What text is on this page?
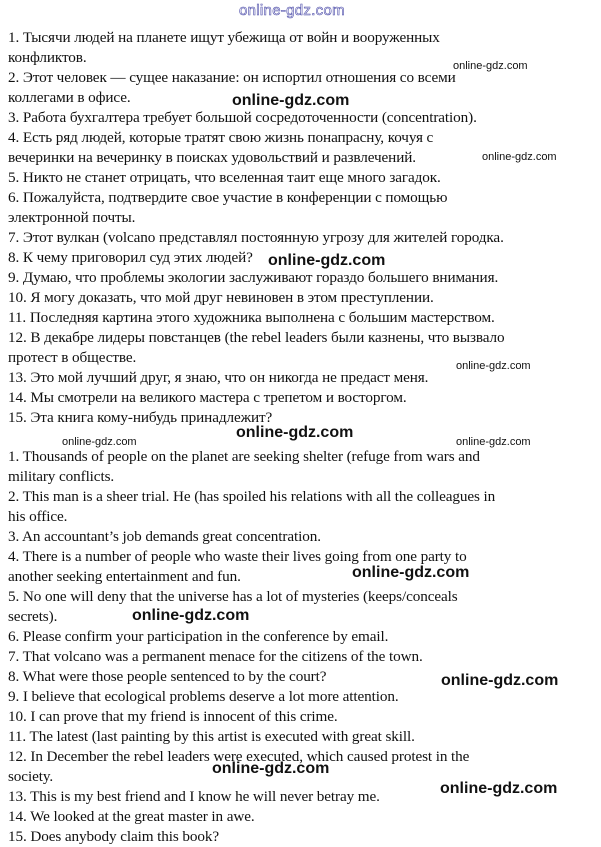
online-gdz.com
1. Тысячи людей на планете ищут убежища от войн и вооруженных
конфликтов.
2. Этот человек — сущее наказание: он испортил отношения со всеми
коллегами в офисе.
3. Работа бухгалтера требует большой сосредоточенности (concentration).
4. Есть ряд людей, которые тратят свою жизнь понапрасну, кочуя с
вечеринки на вечеринку в поисках удовольствий и развлечений.
5. Никто не станет отрицать, что вселенная таит еще много загадок.
6. Пожалуйста, подтвердите свое участие в конференции с помощью
электронной почты.
7. Этот вулкан (volcano представлял постоянную угрозу для жителей городка.
8. К чему приговорил суд этих людей?
9. Думаю, что проблемы экологии заслуживают гораздо большего внимания.
10. Я могу доказать, что мой друг невиновен в этом преступлении.
11. Последняя картина этого художника выполнена с большим мастерством.
12. В декабре лидеры повстанцев (the rebel leaders были казнены, что вызвало
протест в обществе.
13. Это мой лучший друг, я знаю, что он никогда не предаст меня.
14. Мы смотрели на великого мастера с трепетом и восторгом.
15. Эта книга кому-нибудь принадлежит?
1. Thousands of people on the planet are seeking shelter (refuge from wars and
military conflicts.
2. This man is a sheer trial. He (has spoiled his relations with all the colleagues in
his office.
3. An accountant’s job demands great concentration.
4. There is a number of people who waste their lives going from one party to
another seeking entertainment and fun.
5. No one will deny that the universe has a lot of mysteries (keeps/conceals
secrets).
6. Please confirm your participation in the conference by email.
7. That volcano was a permanent menace for the citizens of the town.
8. What were those people sentenced to by the court?
9. I believe that ecological problems deserve a lot more attention.
10. I can prove that my friend is innocent of this crime.
11. The latest (last painting by this artist is executed with great skill.
12. In December the rebel leaders were executed, which caused protest in the
society.
13. This is my best friend and I know he will never betray me.
14. We looked at the great master in awe.
15. Does anybody claim this book?
online-gdz.com
online-gdz.com
online-gdz.com
online-gdz.com
online-gdz.com
online-gdz.com
online-gdz.com
online-gdz.com
online-gdz.com
online-gdz.com
online-gdz.com
online-gdz.com
online-gdz.com
